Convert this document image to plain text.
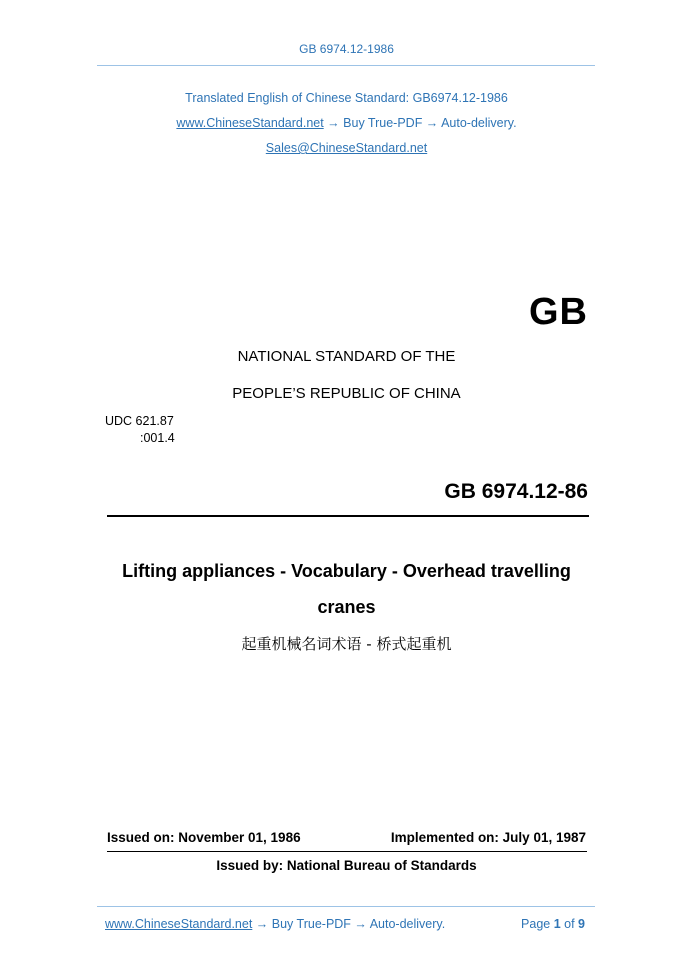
GB 6974.12-1986
Translated English of Chinese Standard: GB6974.12-1986
www.ChineseStandard.net → Buy True-PDF → Auto-delivery.
Sales@ChineseStandard.net
GB
NATIONAL STANDARD OF THE
PEOPLE’S REPUBLIC OF CHINA
UDC 621.87
:001.4
GB 6974.12-86
Lifting appliances - Vocabulary - Overhead travelling
cranes
起重机械名词术语 - 桥式起重机
Issued on: November 01, 1986	Implemented on: July 01, 1987
Issued by: National Bureau of Standards
www.ChineseStandard.net → Buy True-PDF → Auto-delivery.	Page 1 of 9
